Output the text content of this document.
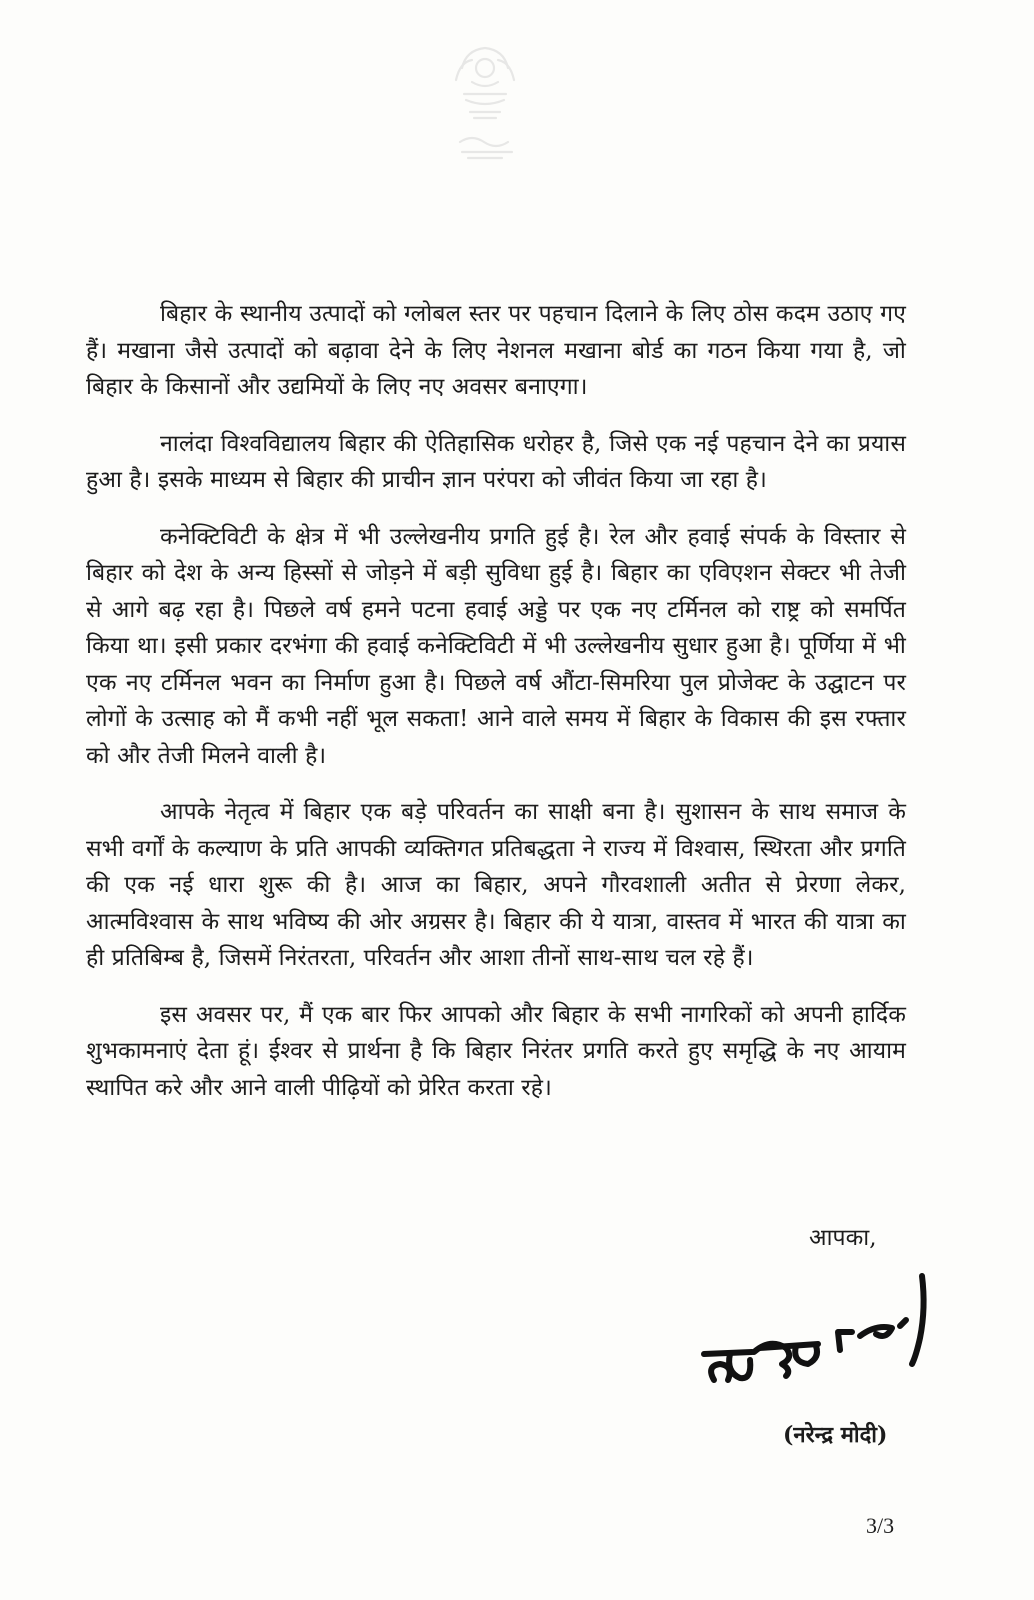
बिहार के स्थानीय उत्पादों को ग्लोबल स्तर पर पहचान दिलाने के लिए ठोस कदम उठाए गए हैं। मखाना जैसे उत्पादों को बढ़ावा देने के लिए नेशनल मखाना बोर्ड का गठन किया गया है, जो बिहार के किसानों और उद्यमियों के लिए नए अवसर बनाएगा।

नालंदा विश्वविद्यालय बिहार की ऐतिहासिक धरोहर है, जिसे एक नई पहचान देने का प्रयास हुआ है। इसके माध्यम से बिहार की प्राचीन ज्ञान परंपरा को जीवंत किया जा रहा है।

कनेक्टिविटी के क्षेत्र में भी उल्लेखनीय प्रगति हुई है। रेल और हवाई संपर्क के विस्तार से बिहार को देश के अन्य हिस्सों से जोड़ने में बड़ी सुविधा हुई है। बिहार का एविएशन सेक्टर भी तेजी से आगे बढ़ रहा है। पिछले वर्ष हमने पटना हवाई अड्डे पर एक नए टर्मिनल को राष्ट्र को समर्पित किया था। इसी प्रकार दरभंगा की हवाई कनेक्टिविटी में भी उल्लेखनीय सुधार हुआ है। पूर्णिया में भी एक नए टर्मिनल भवन का निर्माण हुआ है। पिछले वर्ष औंटा-सिमरिया पुल प्रोजेक्ट के उद्घाटन पर लोगों के उत्साह को मैं कभी नहीं भूल सकता! आने वाले समय में बिहार के विकास की इस रफ्तार को और तेजी मिलने वाली है।

आपके नेतृत्व में बिहार एक बड़े परिवर्तन का साक्षी बना है। सुशासन के साथ समाज के सभी वर्गों के कल्याण के प्रति आपकी व्यक्तिगत प्रतिबद्धता ने राज्य में विश्वास, स्थिरता और प्रगति की एक नई धारा शुरू की है। आज का बिहार, अपने गौरवशाली अतीत से प्रेरणा लेकर, आत्मविश्वास के साथ भविष्य की ओर अग्रसर है। बिहार की ये यात्रा, वास्तव में भारत की यात्रा का ही प्रतिबिम्ब है, जिसमें निरंतरता, परिवर्तन और आशा तीनों साथ-साथ चल रहे हैं।

इस अवसर पर, मैं एक बार फिर आपको और बिहार के सभी नागरिकों को अपनी हार्दिक शुभकामनाएं देता हूं। ईश्वर से प्रार्थना है कि बिहार निरंतर प्रगति करते हुए समृद्धि के नए आयाम स्थापित करे और आने वाली पीढ़ियों को प्रेरित करता रहे।

आपका,
(नरेन्द्र मोदी)
3/3
